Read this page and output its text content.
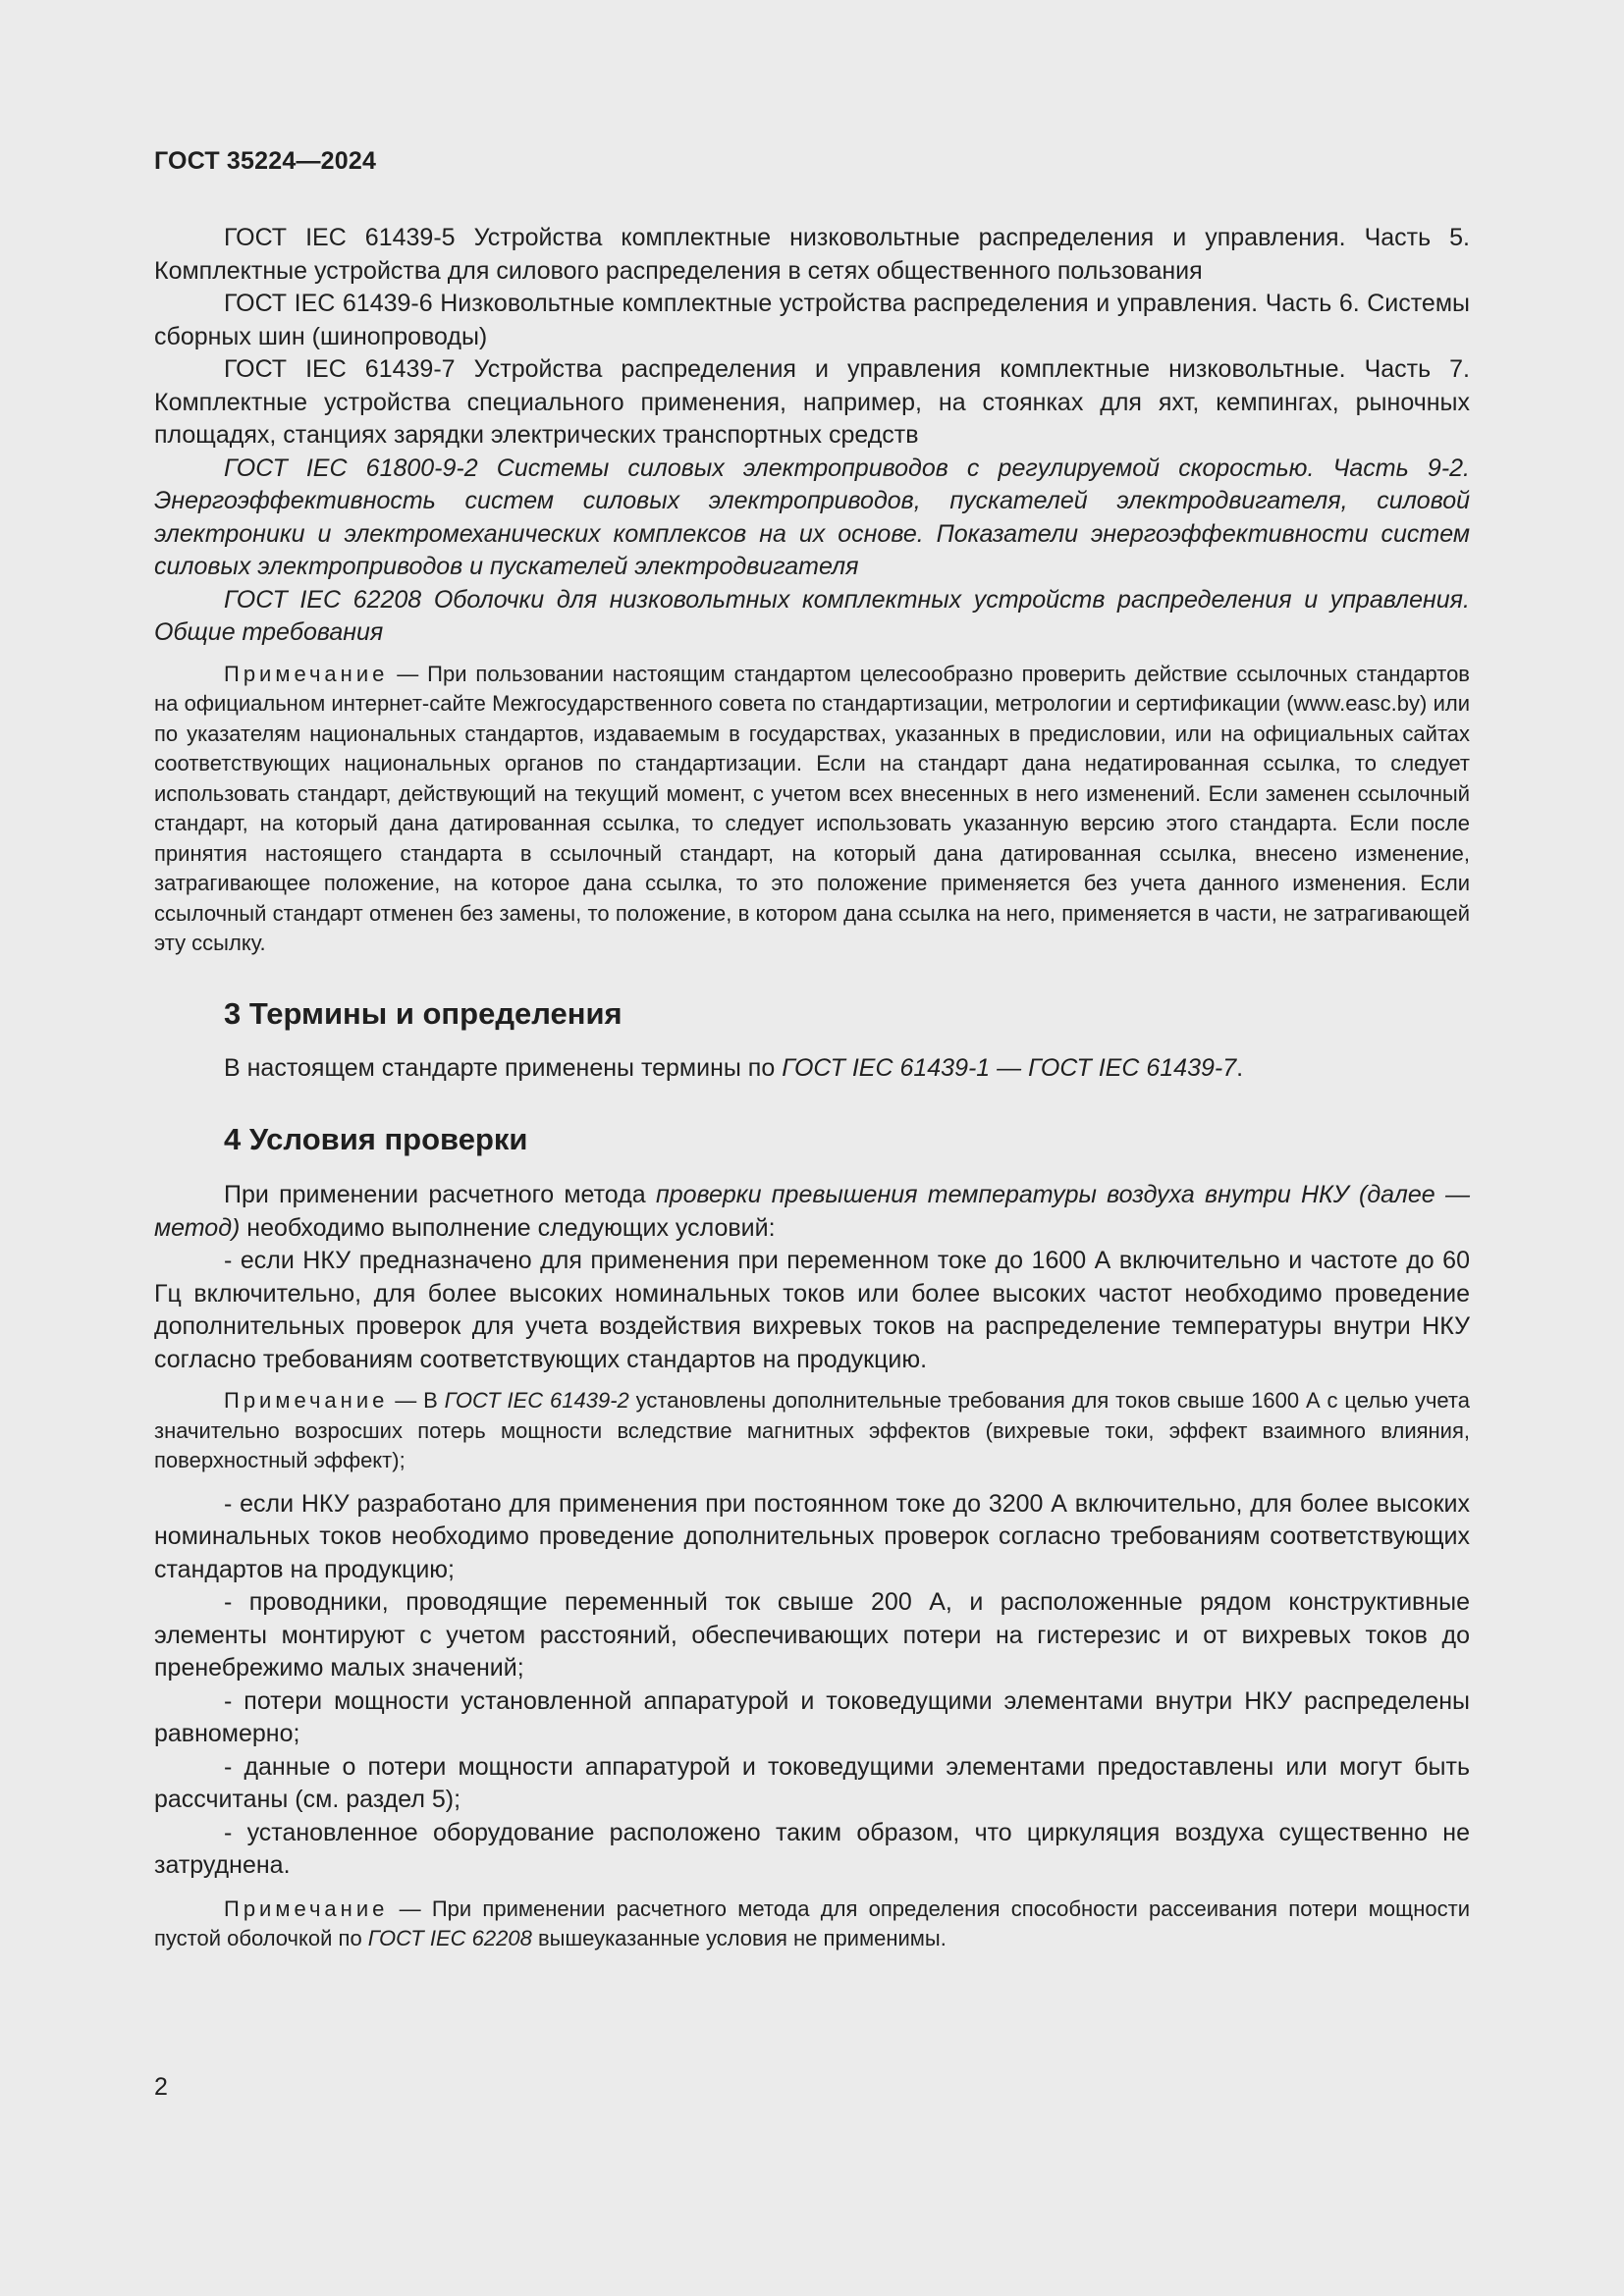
ГОСТ 35224—2024

ГОСТ IEC 61439-5 Устройства комплектные низковольтные распределения и управления. Часть 5. Комплектные устройства для силового распределения в сетях общественного пользования

ГОСТ IEC 61439-6 Низковольтные комплектные устройства распределения и управления. Часть 6. Системы сборных шин (шинопроводы)

ГОСТ IEC 61439-7 Устройства распределения и управления комплектные низковольтные. Часть 7. Комплектные устройства специального применения, например, на стоянках для яхт, кемпингах, рыночных площадях, станциях зарядки электрических транспортных средств

ГОСТ IEC 61800-9-2 Системы силовых электроприводов с регулируемой скоростью. Часть 9-2. Энергоэффективность систем силовых электроприводов, пускателей электродвигателя, силовой электроники и электромеханических комплексов на их основе. Показатели энергоэффективности систем силовых электроприводов и пускателей электродвигателя

ГОСТ IEC 62208 Оболочки для низковольтных комплектных устройств распределения и управления. Общие требования

Примечание — При пользовании настоящим стандартом целесообразно проверить действие ссылочных стандартов на официальном интернет-сайте Межгосударственного совета по стандартизации, метрологии и сертификации (www.easc.by) или по указателям национальных стандартов, издаваемым в государствах, указанных в предисловии, или на официальных сайтах соответствующих национальных органов по стандартизации. Если на стандарт дана недатированная ссылка, то следует использовать стандарт, действующий на текущий момент, с учетом всех внесенных в него изменений. Если заменен ссылочный стандарт, на который дана датированная ссылка, то следует использовать указанную версию этого стандарта. Если после принятия настоящего стандарта в ссылочный стандарт, на который дана датированная ссылка, внесено изменение, затрагивающее положение, на которое дана ссылка, то это положение применяется без учета данного изменения. Если ссылочный стандарт отменен без замены, то положение, в котором дана ссылка на него, применяется в части, не затрагивающей эту ссылку.

3 Термины и определения

В настоящем стандарте применены термины по ГОСТ IEC 61439-1 — ГОСТ IEC 61439-7.

4 Условия проверки

При применении расчетного метода проверки превышения температуры воздуха внутри НКУ (далее — метод) необходимо выполнение следующих условий:

- если НКУ предназначено для применения при переменном токе до 1600 А включительно и частоте до 60 Гц включительно, для более высоких номинальных токов или более высоких частот необходимо проведение дополнительных проверок для учета воздействия вихревых токов на распределение температуры внутри НКУ согласно требованиям соответствующих стандартов на продукцию.

Примечание — В ГОСТ IEC 61439-2 установлены дополнительные требования для токов свыше 1600 А с целью учета значительно возросших потерь мощности вследствие магнитных эффектов (вихревые токи, эффект взаимного влияния, поверхностный эффект);

- если НКУ разработано для применения при постоянном токе до 3200 А включительно, для более высоких номинальных токов необходимо проведение дополнительных проверок согласно требованиям соответствующих стандартов на продукцию;

- проводники, проводящие переменный ток свыше 200 А, и расположенные рядом конструктивные элементы монтируют с учетом расстояний, обеспечивающих потери на гистерезис и от вихревых токов до пренебрежимо малых значений;

- потери мощности установленной аппаратурой и токоведущими элементами внутри НКУ распределены равномерно;

- данные о потери мощности аппаратурой и токоведущими элементами предоставлены или могут быть рассчитаны (см. раздел 5);

- установленное оборудование расположено таким образом, что циркуляция воздуха существенно не затруднена.

Примечание — При применении расчетного метода для определения способности рассеивания потери мощности пустой оболочкой по ГОСТ IEC 62208 вышеуказанные условия не применимы.

2
